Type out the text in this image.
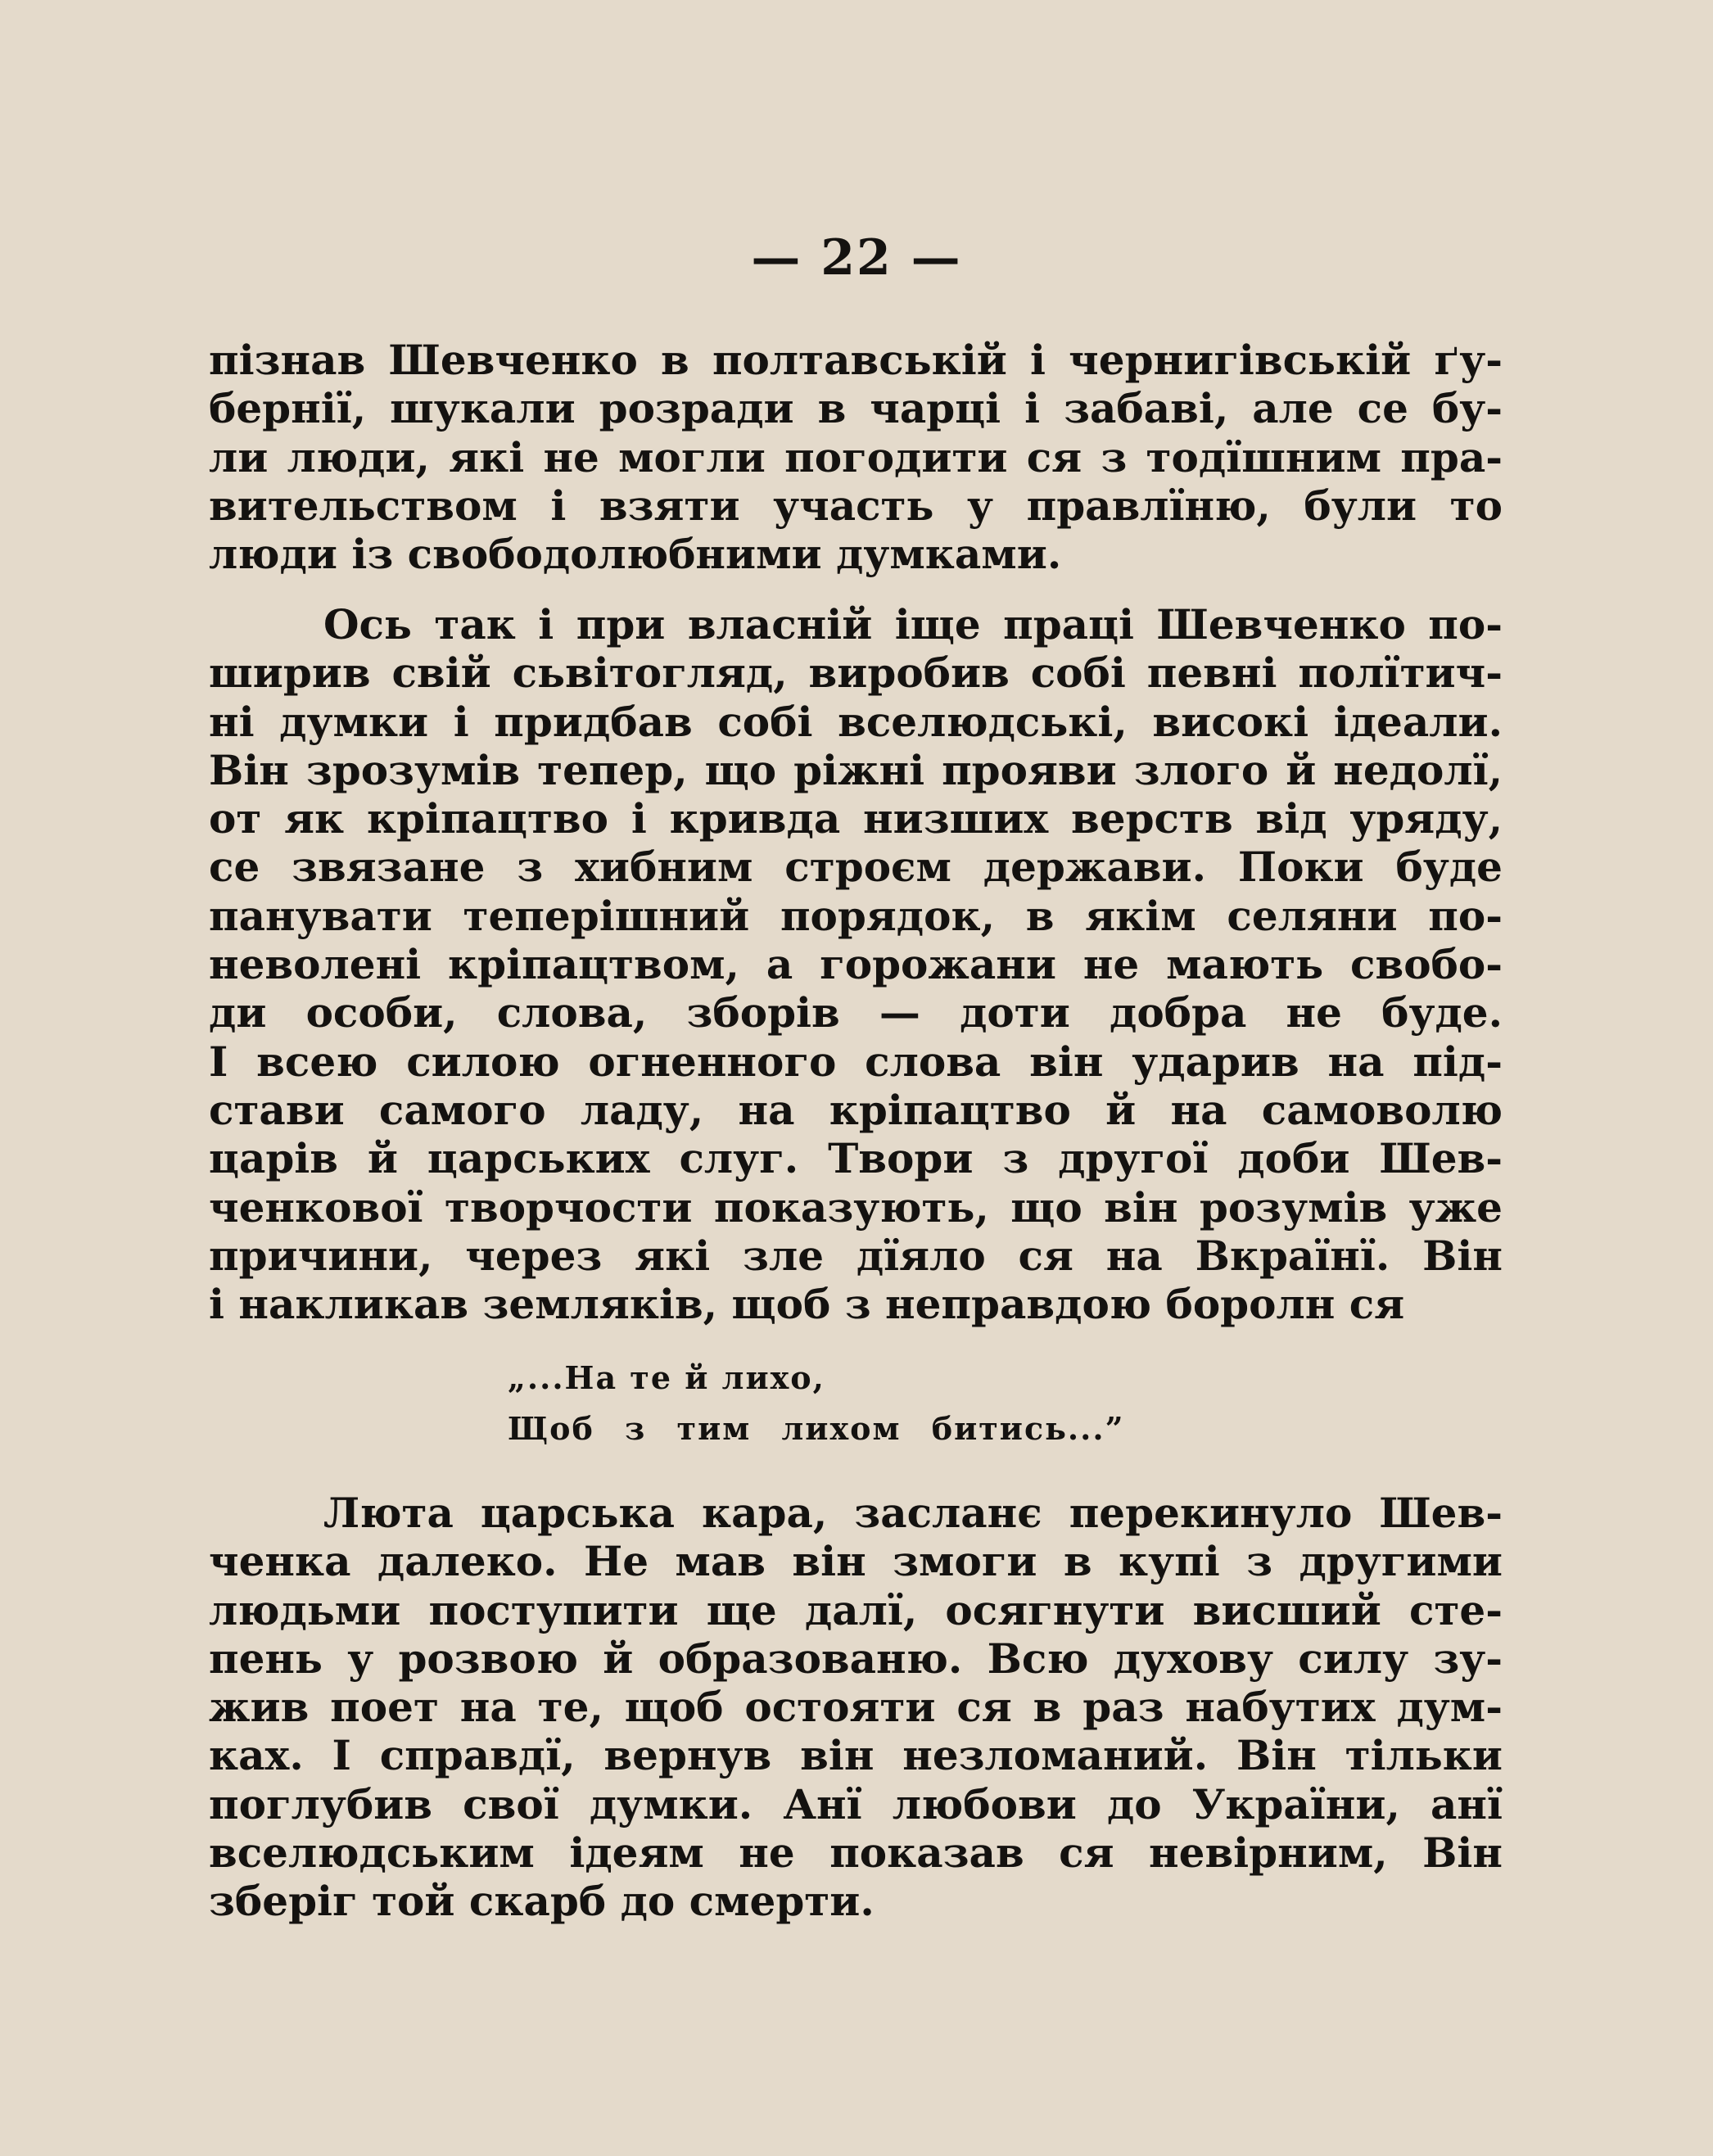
— 22 —
пізнав Шевченко в полтавській і чернигівській ґу-
бернії, шукали розради в чарці і забаві, але се бу-
ли люди, які не могли погодити ся з тодїшним пра-
вительством і взяти участь у правлїню, були то
люди із свободолюбними думками.
Ось так і при власній іще праці Шевченко по-
ширив свій сьвітогляд, виробив собі певні полїтич-
ні думки і придбав собі вселюдські, високі ідеали.
Він зрозумів тепер, що ріжні прояви злого й недолї,
от як кріпацтво і кривда низших верств від уряду,
се звязане з хибним строєм держави. Поки буде
панувати теперішний порядок, в якім селяни по-
неволені кріпацтвом, а горожани не мають свобо-
ди особи, слова, зборів — доти добра не буде.
І всею силою огненного слова він ударив на під-
стави самого ладу, на кріпацтво й на самоволю
царів й царських слуг. Твори з другої доби Шев-
ченкової творчости показують, що він розумів уже
причини, через які зле дїяло ся на Вкраїнї. Він
і накликав земляків, щоб з неправдою боролн ся
„...На те й лихо,
Щоб з тим лихом битись...”
Люта царська кара, засланє перекинуло Шев-
ченка далеко. Не мав він змоги в купі з другими
людьми поступити ще далї, осягнути висший сте-
пень у розвою й образованю. Всю духову силу зу-
жив поет на те, щоб остояти ся в раз набутих дум-
ках. І справдї, вернув він незломаний. Він тільки
поглубив свої думки. Анї любови до України, анї
вселюдським ідеям не показав ся невірним, Він
зберіг той скарб до смерти.
